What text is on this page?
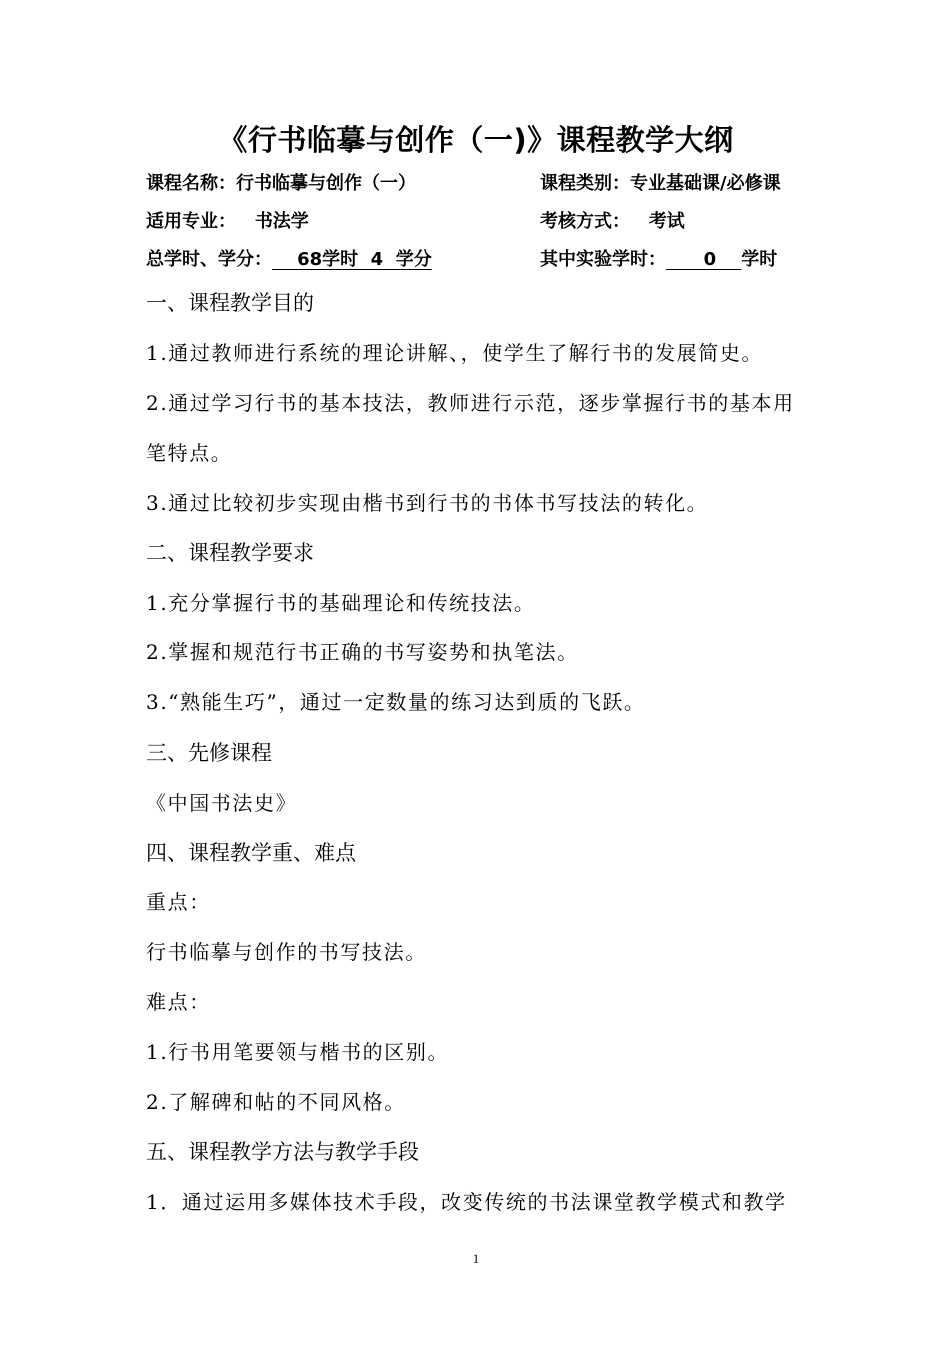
《行书临摹与创作（一)》课程教学大纲
课程名称：行书临摹与创作（一）	课程类别：专业基础课/必修课
适用专业： 书法学	考核方式： 考试
总学时、学分：    68学时  4  学分	其中实验学时：      0    学时
一、课程教学目的
1.通过教师进行系统的理论讲解、，使学生了解行书的发展简史。
2.通过学习行书的基本技法，教师进行示范，逐步掌握行书的基本用
笔特点。
3.通过比较初步实现由楷书到行书的书体书写技法的转化。
二、课程教学要求
1.充分掌握行书的基础理论和传统技法。
2.掌握和规范行书正确的书写姿势和执笔法。
3.“熟能生巧”，通过一定数量的练习达到质的飞跃。
三、先修课程
《中国书法史》
四、课程教学重、难点
重点：
行书临摹与创作的书写技法。
难点：
1.行书用笔要领与楷书的区别。
2.了解碑和帖的不同风格。
五、课程教学方法与教学手段
1．通过运用多媒体技术手段，改变传统的书法课堂教学模式和教学
1
